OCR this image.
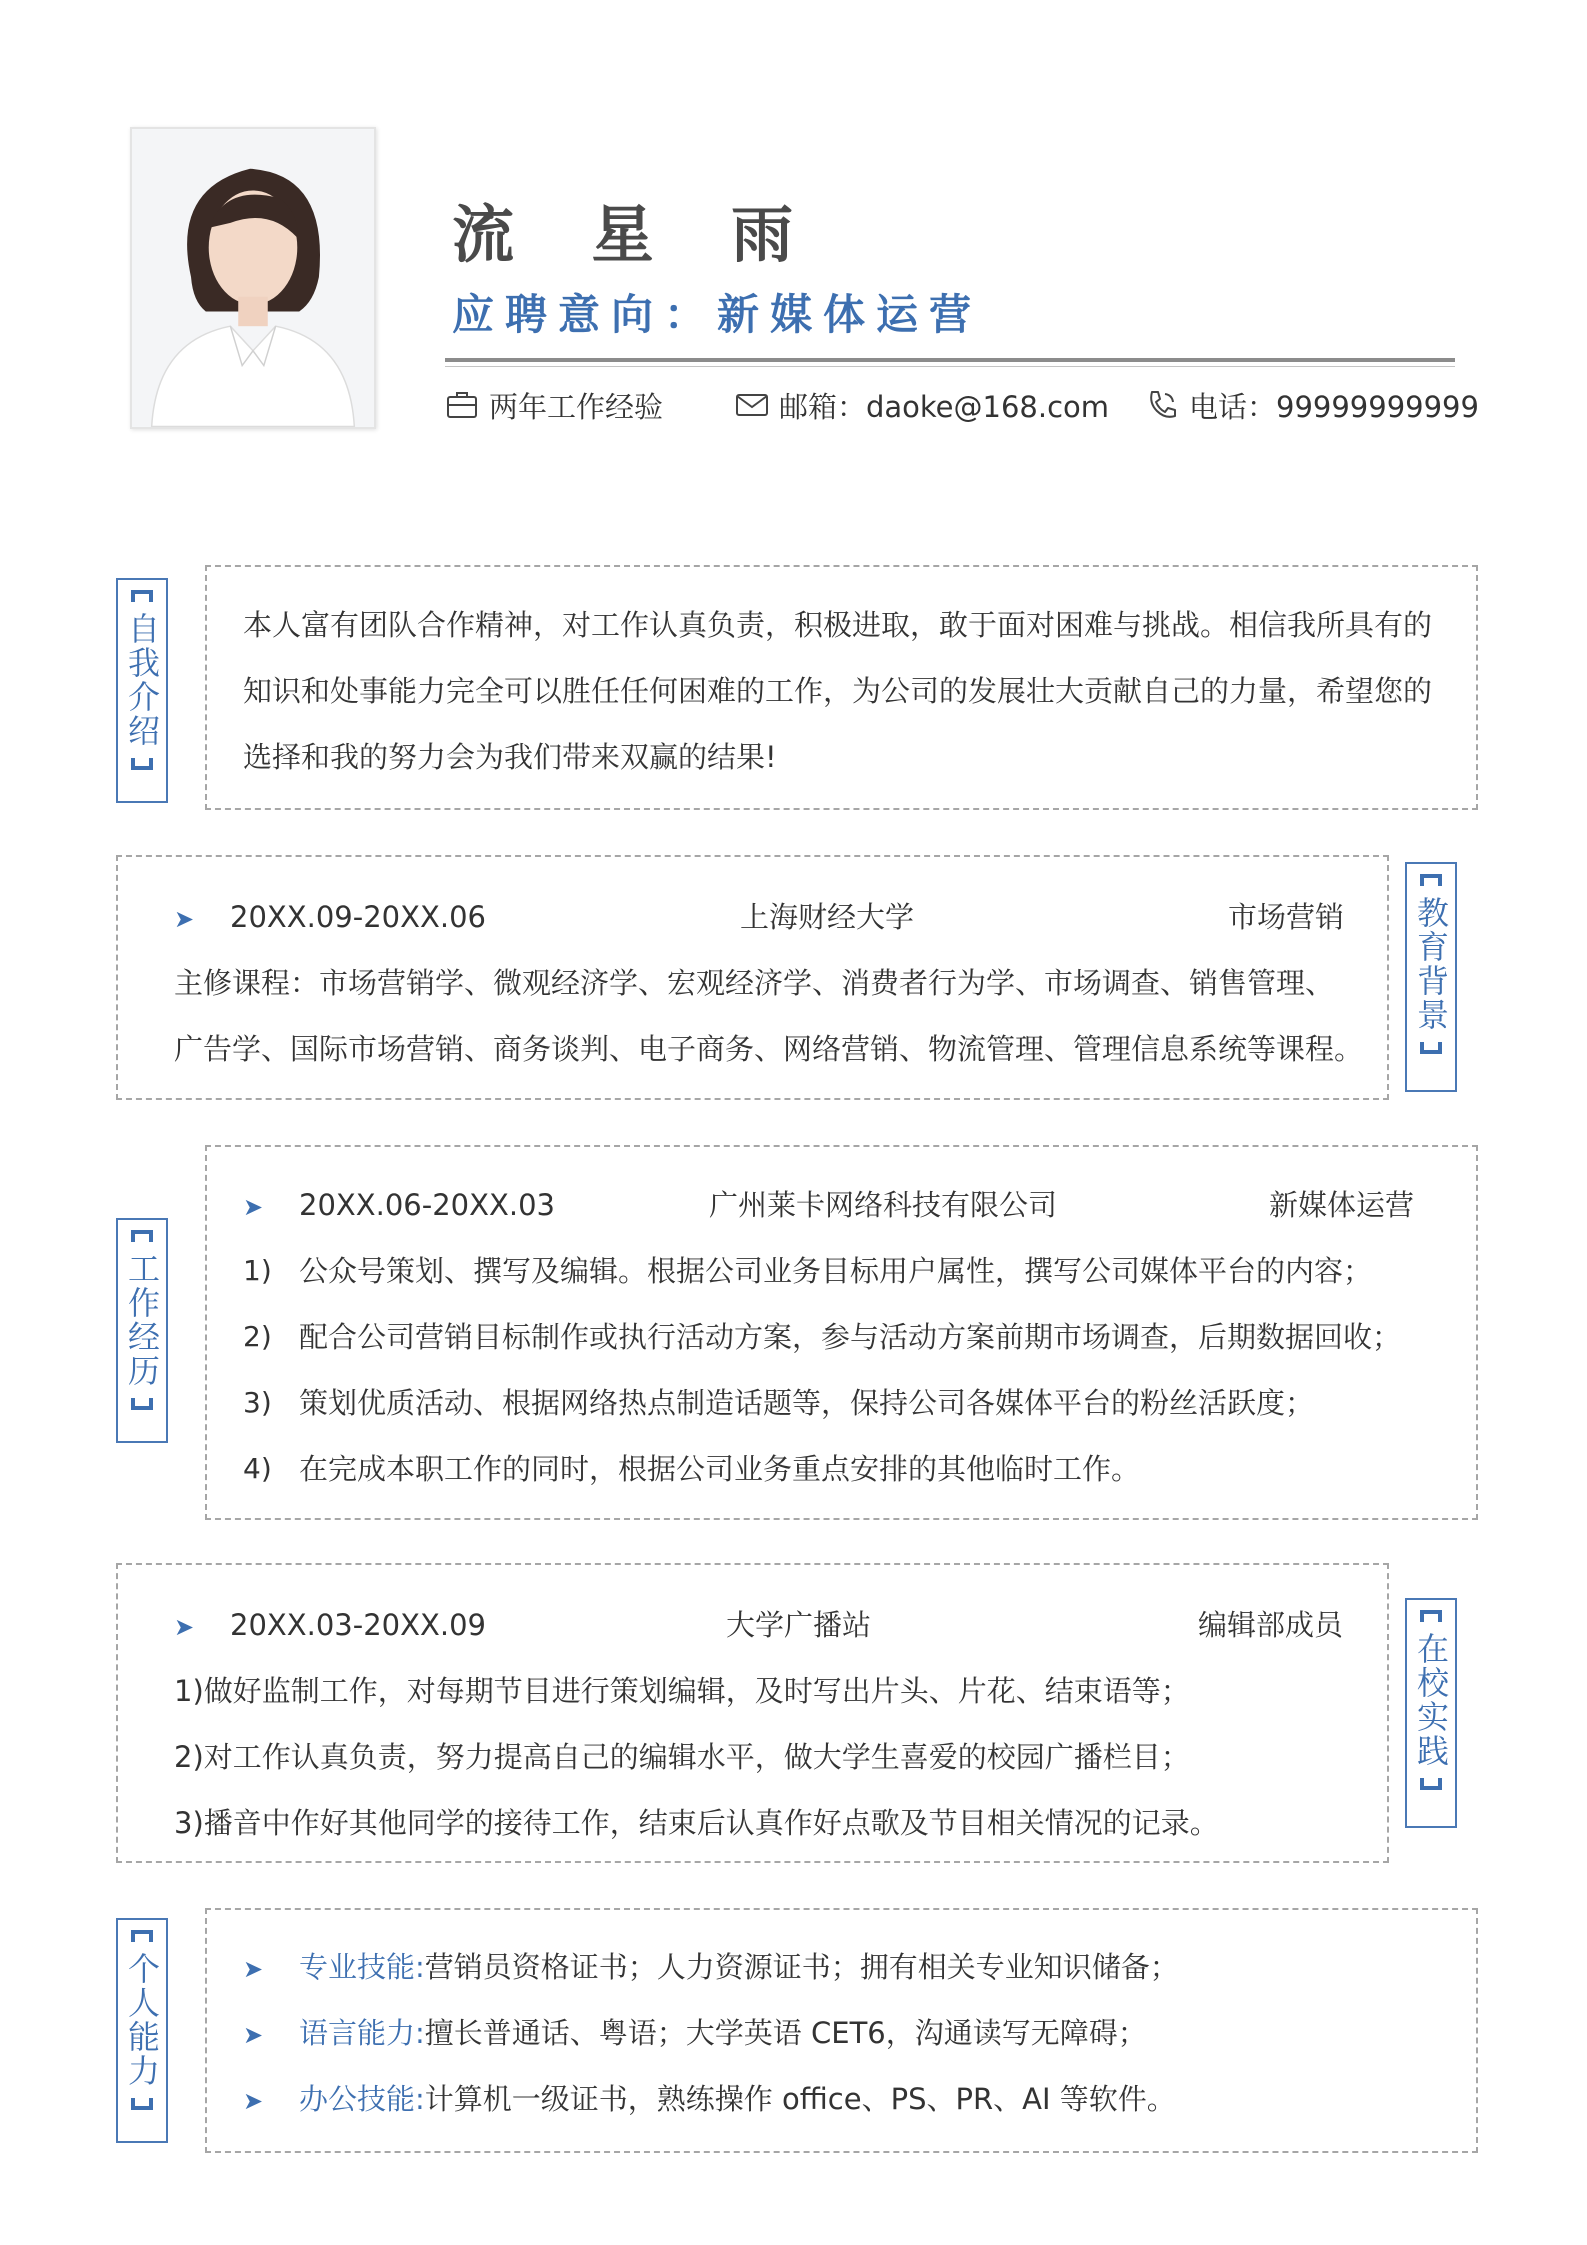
流 星 雨
应聘意向：新媒体运营
两年工作经验	邮箱：daoke@168.com	电话：99999999999
自我介绍	本人富有团队合作精神，对工作认真负责，积极进取，敢于面对困难与挑战。相信我所具有的知识和处事能力完全可以胜任任何困难的工作，为公司的发展壮大贡献自己的力量，希望您的选择和我的努力会为我们带来双赢的结果!
➤ 20XX.09-20XX.06	上海财经大学	市场营销
主修课程：市场营销学、微观经济学、宏观经济学、消费者行为学、市场调查、销售管理、
广告学、国际市场营销、商务谈判、电子商务、网络营销、物流管理、管理信息系统等课程。
教育背景
工作经历
➤ 20XX.06-20XX.03	广州莱卡网络科技有限公司	新媒体运营
1) 公众号策划、撰写及编辑。根据公司业务目标用户属性，撰写公司媒体平台的内容；
2) 配合公司营销目标制作或执行活动方案，参与活动方案前期市场调查，后期数据回收；
3) 策划优质活动、根据网络热点制造话题等，保持公司各媒体平台的粉丝活跃度；
4) 在完成本职工作的同时，根据公司业务重点安排的其他临时工作。
➤ 20XX.03-20XX.09	大学广播站	编辑部成员
1)做好监制工作，对每期节目进行策划编辑，及时写出片头、片花、结束语等；
2)对工作认真负责，努力提高自己的编辑水平，做大学生喜爱的校园广播栏目；
3)播音中作好其他同学的接待工作，结束后认真作好点歌及节目相关情况的记录。
在校实践
个人能力	➤ 专业技能:营销员资格证书；人力资源证书；拥有相关专业知识储备；
➤ 语言能力:擅长普通话、粤语；大学英语 CET6，沟通读写无障碍；
➤ 办公技能:计算机一级证书，熟练操作 office、PS、PR、AI 等软件。
